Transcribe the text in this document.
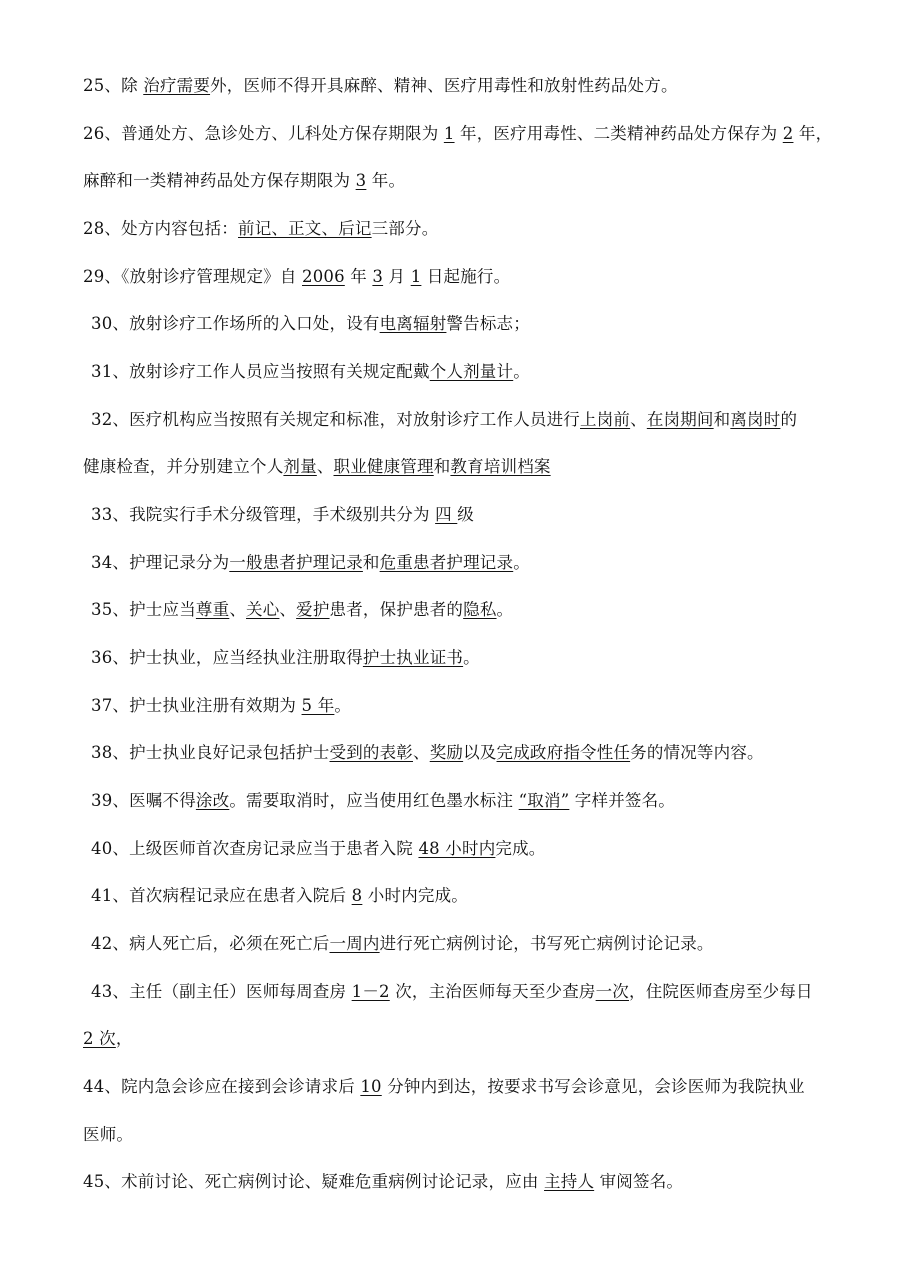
25、除 治疗需要外，医师不得开具麻醉、精神、医疗用毒性和放射性药品处方。
26、普通处方、急诊处方、儿科处方保存期限为 1 年，医疗用毒性、二类精神药品处方保存为 2 年，
麻醉和一类精神药品处方保存期限为 3 年。
28、处方内容包括：前记、正文、后记三部分。
29、《放射诊疗管理规定》自 2006 年 3 月 1 日起施行。
30、放射诊疗工作场所的入口处，设有电离辐射警告标志；
31、放射诊疗工作人员应当按照有关规定配戴个人剂量计。
32、医疗机构应当按照有关规定和标准，对放射诊疗工作人员进行上岗前、在岗期间和离岗时的
健康检查，并分别建立个人剂量、职业健康管理和教育培训档案
33、我院实行手术分级管理，手术级别共分为 四 级
34、护理记录分为一般患者护理记录和危重患者护理记录。
35、护士应当尊重、关心、爱护患者，保护患者的隐私。
36、护士执业，应当经执业注册取得护士执业证书。
37、护士执业注册有效期为 5 年。
38、护士执业良好记录包括护士受到的表彰、奖励以及完成政府指令性任务的情况等内容。
39、医嘱不得涂改。需要取消时，应当使用红色墨水标注 “取消” 字样并签名。
40、上级医师首次查房记录应当于患者入院 48 小时内完成。
41、首次病程记录应在患者入院后 8 小时内完成。
42、病人死亡后，必须在死亡后一周内进行死亡病例讨论，书写死亡病例讨论记录。
43、主任（副主任）医师每周查房 1－2 次，主治医师每天至少查房一次，住院医师查房至少每日
2 次，
44、院内急会诊应在接到会诊请求后 10 分钟内到达，按要求书写会诊意见，会诊医师为我院执业
医师。
45、术前讨论、死亡病例讨论、疑难危重病例讨论记录，应由 主持人 审阅签名。
